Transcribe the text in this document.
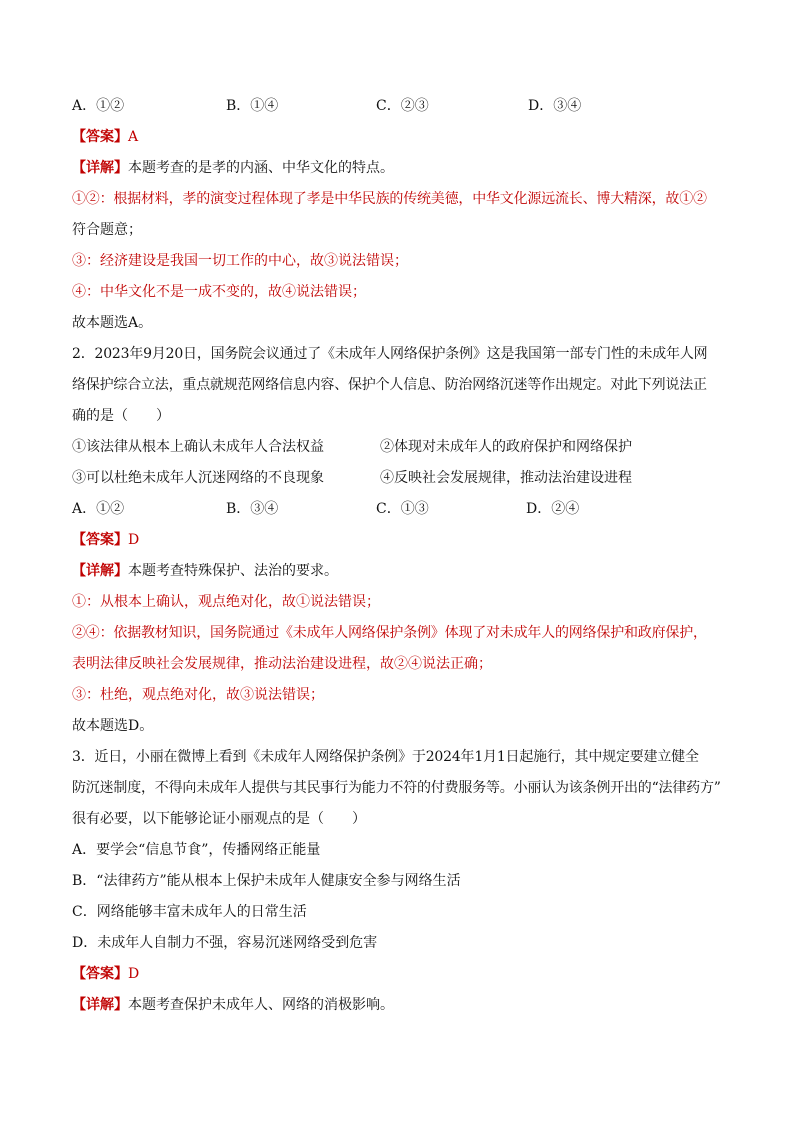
A．①②	B．①④	C．②③	D．③④
【答案】A
【详解】本题考查的是孝的内涵、中华文化的特点。
①②：根据材料，孝的演变过程体现了孝是中华民族的传统美德，中华文化源远流长、博大精深，故①②
符合题意；
③：经济建设是我国一切工作的中心，故③说法错误；
④：中华文化不是一成不变的，故④说法错误；
故本题选A。
2．2023年9月20日，国务院会议通过了《未成年人网络保护条例》这是我国第一部专门性的未成年人网
络保护综合立法，重点就规范网络信息内容、保护个人信息、防治网络沉迷等作出规定。对此下列说法正
确的是（　　）
①该法律从根本上确认未成年人合法权益	②体现对未成年人的政府保护和网络保护
③可以杜绝未成年人沉迷网络的不良现象	④反映社会发展规律，推动法治建设进程
A．①②	B．③④	C．①③	D．②④
【答案】D
【详解】本题考查特殊保护、法治的要求。
①：从根本上确认，观点绝对化，故①说法错误；
②④：依据教材知识，国务院通过《未成年人网络保护条例》体现了对未成年人的网络保护和政府保护，
表明法律反映社会发展规律，推动法治建设进程，故②④说法正确；
③：杜绝，观点绝对化，故③说法错误；
故本题选D。
3．近日，小丽在微博上看到《未成年人网络保护条例》于2024年1月1日起施行，其中规定要建立健全
防沉迷制度，不得向未成年人提供与其民事行为能力不符的付费服务等。小丽认为该条例开出的“法律药方”
很有必要，以下能够论证小丽观点的是（　　）
A．要学会“信息节食”，传播网络正能量
B．“法律药方”能从根本上保护未成年人健康安全参与网络生活
C．网络能够丰富未成年人的日常生活
D．未成年人自制力不强，容易沉迷网络受到危害
【答案】D
【详解】本题考查保护未成年人、网络的消极影响。
